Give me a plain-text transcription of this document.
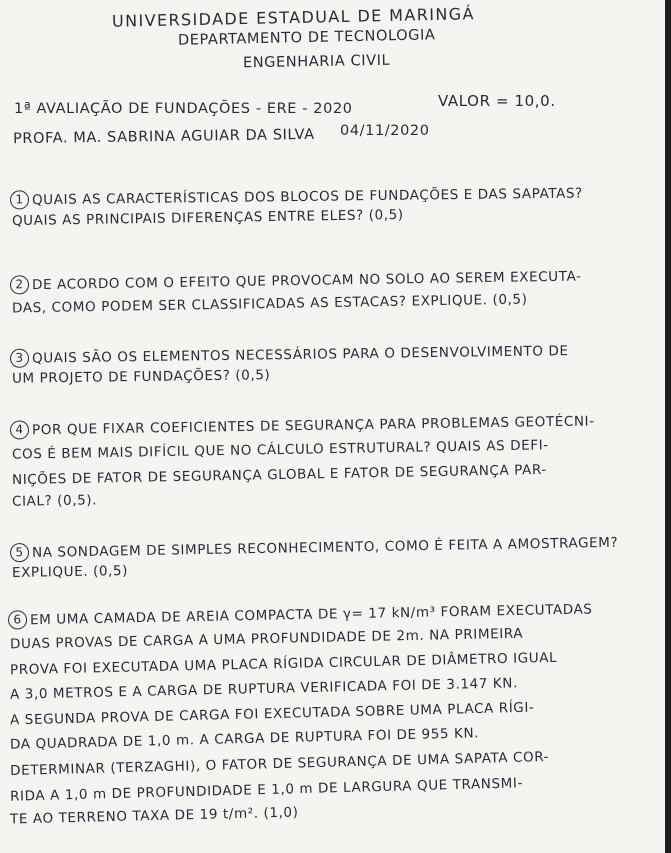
UNIVERSIDADE ESTADUAL DE MARINGÁ
DEPARTAMENTO DE TECNOLOGIA
ENGENHARIA CIVIL
1ª AVALIAÇÃO DE FUNDAÇÕES - ERE - 2020	VALOR = 10,0.
PROFA. MA. SABRINA AGUIAR DA SILVA 04/11/2020
1 QUAIS AS CARACTERÍSTICAS DOS BLOCOS DE FUNDAÇÕES E DAS SAPATAS?
QUAIS AS PRINCIPAIS DIFERENÇAS ENTRE ELES? (0,5)
2 DE ACORDO COM O EFEITO QUE PROVOCAM NO SOLO AO SEREM EXECUTA-
DAS, COMO PODEM SER CLASSIFICADAS AS ESTACAS? EXPLIQUE. (0,5)
3 QUAIS SÃO OS ELEMENTOS NECESSÁRIOS PARA O DESENVOLVIMENTO DE
UM PROJETO DE FUNDAÇÕES? (0,5)
4 POR QUE FIXAR COEFICIENTES DE SEGURANÇA PARA PROBLEMAS GEOTÉCNI-
COS É BEM MAIS DIFÍCIL QUE NO CÁLCULO ESTRUTURAL? QUAIS AS DEFI-
NIÇÕES DE FATOR DE SEGURANÇA GLOBAL E FATOR DE SEGURANÇA PAR-
CIAL? (0,5).
5 NA SONDAGEM DE SIMPLES RECONHECIMENTO, COMO É FEITA A AMOSTRAGEM?
EXPLIQUE. (0,5)
6 EM UMA CAMADA DE AREIA COMPACTA DE γ= 17 kN/m³ FORAM EXECUTADAS
DUAS PROVAS DE CARGA A UMA PROFUNDIDADE DE 2m. NA PRIMEIRA
PROVA FOI EXECUTADA UMA PLACA RÍGIDA CIRCULAR DE DIÂMETRO IGUAL
A 3,0 METROS E A CARGA DE RUPTURA VERIFICADA FOI DE 3.147 KN.
A SEGUNDA PROVA DE CARGA FOI EXECUTADA SOBRE UMA PLACA RÍGI-
DA QUADRADA DE 1,0 m. A CARGA DE RUPTURA FOI DE 955 KN.
DETERMINAR (TERZAGHI), O FATOR DE SEGURANÇA DE UMA SAPATA COR-
RIDA A 1,0 m DE PROFUNDIDADE E 1,0 m DE LARGURA QUE TRANSMI-
TE AO TERRENO TAXA DE 19 t/m². (1,0)
